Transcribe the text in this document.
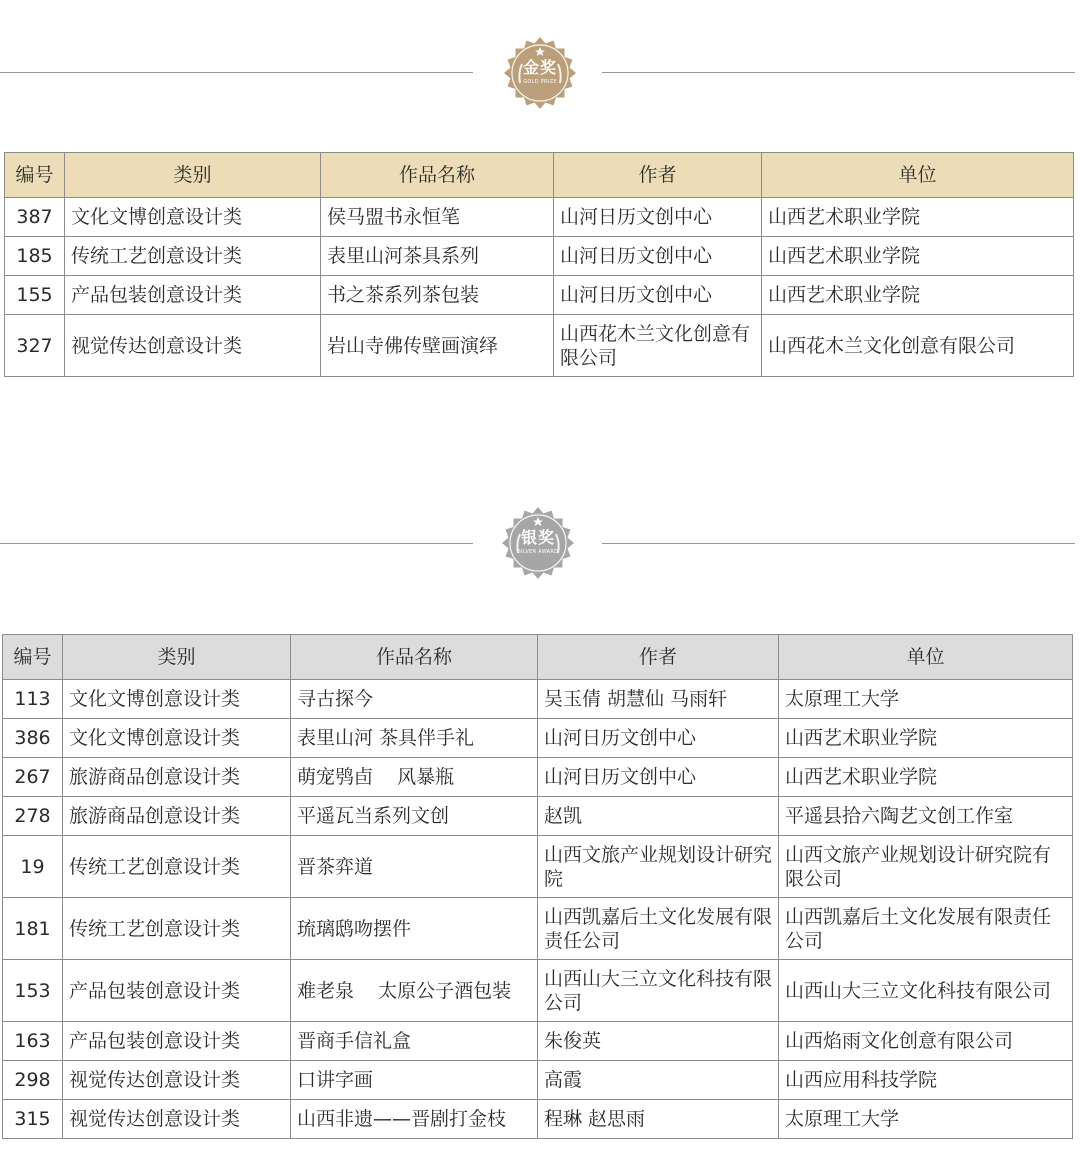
金奖
GOLD PRIZE
编号	类别	作品名称	作者	单位
387	文化文博创意设计类	侯马盟书永恒笔	山河日历文创中心	山西艺术职业学院
185	传统工艺创意设计类	表里山河茶具系列	山河日历文创中心	山西艺术职业学院
155	产品包装创意设计类	书之茶系列茶包装	山河日历文创中心	山西艺术职业学院
327	视觉传达创意设计类	岩山寺佛传壁画演绎	山西花木兰文化创意有限公司	山西花木兰文化创意有限公司
银奖
SILVER AWARD
编号	类别	作品名称	作者	单位
113	文化文博创意设计类	寻古探今	吴玉倩 胡慧仙 马雨轩	太原理工大学
386	文化文博创意设计类	表里山河 茶具伴手礼	山河日历文创中心	山西艺术职业学院
267	旅游商品创意设计类	萌宠鸮卣    风暴瓶	山河日历文创中心	山西艺术职业学院
278	旅游商品创意设计类	平遥瓦当系列文创	赵凯	平遥县拾六陶艺文创工作室
19	传统工艺创意设计类	晋茶弈道	山西文旅产业规划设计研究院	山西文旅产业规划设计研究院有限公司
181	传统工艺创意设计类	琉璃鸱吻摆件	山西凯嘉后土文化发展有限责任公司	山西凯嘉后土文化发展有限责任公司
153	产品包装创意设计类	难老泉    太原公子酒包装	山西山大三立文化科技有限公司	山西山大三立文化科技有限公司
163	产品包装创意设计类	晋商手信礼盒	朱俊英	山西焰雨文化创意有限公司
298	视觉传达创意设计类	口讲字画	高霞	山西应用科技学院
315	视觉传达创意设计类	山西非遗——晋剧打金枝	程琳 赵思雨	太原理工大学
